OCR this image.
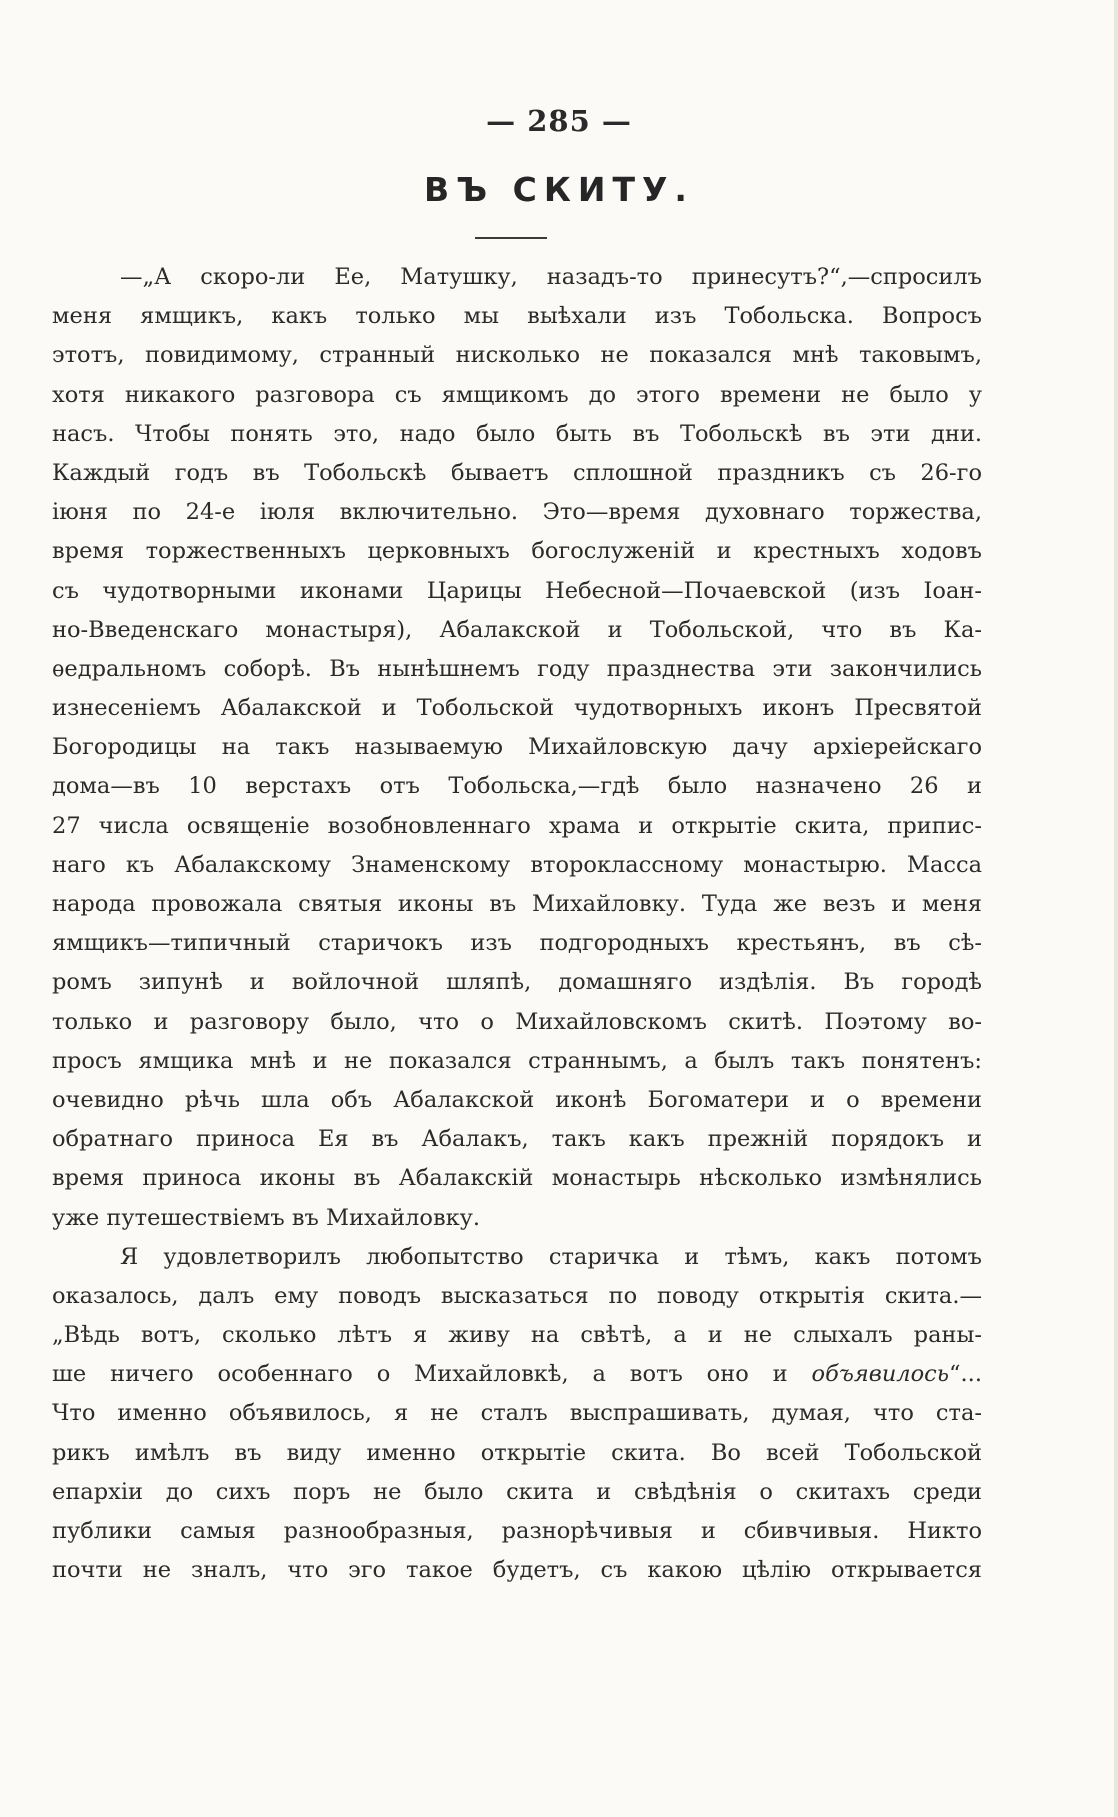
— 285 —
ВЪ СКИТУ.
—„А скоро-ли Ее, Матушку, назадъ-то принесутъ?“,—спросилъ
меня ямщикъ, какъ только мы выѣхали изъ Тобольска. Вопросъ
этотъ, повидимому, странный нисколько не показался мнѣ таковымъ,
хотя никакого разговора съ ямщикомъ до этого времени не было у
насъ. Чтобы понять это, надо было быть въ Тобольскѣ въ эти дни.
Каждый годъ въ Тобольскѣ бываетъ сплошной праздникъ съ 26-го
іюня по 24-е іюля включительно. Это—время духовнаго торжества,
время торжественныхъ церковныхъ богослуженій и крестныхъ ходовъ
съ чудотворными иконами Царицы Небесной—Почаевской (изъ Іоан-
но-Введенскаго монастыря), Абалакской и Тобольской, что въ Ка-
ѳедральномъ соборѣ. Въ нынѣшнемъ году празднества эти закончились
изнесеніемъ Абалакской и Тобольской чудотворныхъ иконъ Пресвятой
Богородицы на такъ называемую Михайловскую дачу архіерейскаго
дома—въ 10 верстахъ отъ Тобольска,—гдѣ было назначено 26 и
27 числа освященіе возобновленнаго храма и открытіе скита, припис-
наго къ Абалакскому Знаменскому второклассному монастырю. Масса
народа провожала святыя иконы въ Михайловку. Туда же везъ и меня
ямщикъ—типичный старичокъ изъ подгородныхъ крестьянъ, въ сѣ-
ромъ зипунѣ и войлочной шляпѣ, домашняго издѣлія. Въ городѣ
только и разговору было, что о Михайловскомъ скитѣ. Поэтому во-
просъ ямщика мнѣ и не показался страннымъ, а былъ такъ понятенъ:
очевидно рѣчь шла объ Абалакской иконѣ Богоматери и о времени
обратнаго приноса Ея въ Абалакъ, такъ какъ прежній порядокъ и
время приноса иконы въ Абалакскій монастырь нѣсколько измѣнялись
уже путешествіемъ въ Михайловку.
Я удовлетворилъ любопытство старичка и тѣмъ, какъ потомъ
оказалось, далъ ему поводъ высказаться по поводу открытія скита.—
„Вѣдь вотъ, сколько лѣтъ я живу на свѣтѣ, а и не слыхалъ раны-
ше ничего особеннаго о Михайловкѣ, а вотъ оно и объявилось“...
Что именно объявилось, я не сталъ выспрашивать, думая, что ста-
рикъ имѣлъ въ виду именно открытіе скита. Во всей Тобольской
епархіи до сихъ поръ не было скита и свѣдѣнія о скитахъ среди
публики самыя разнообразныя, разнорѣчивыя и сбивчивыя. Никто
почти не зналъ, что эго такое будетъ, съ какою цѣлію открывается
